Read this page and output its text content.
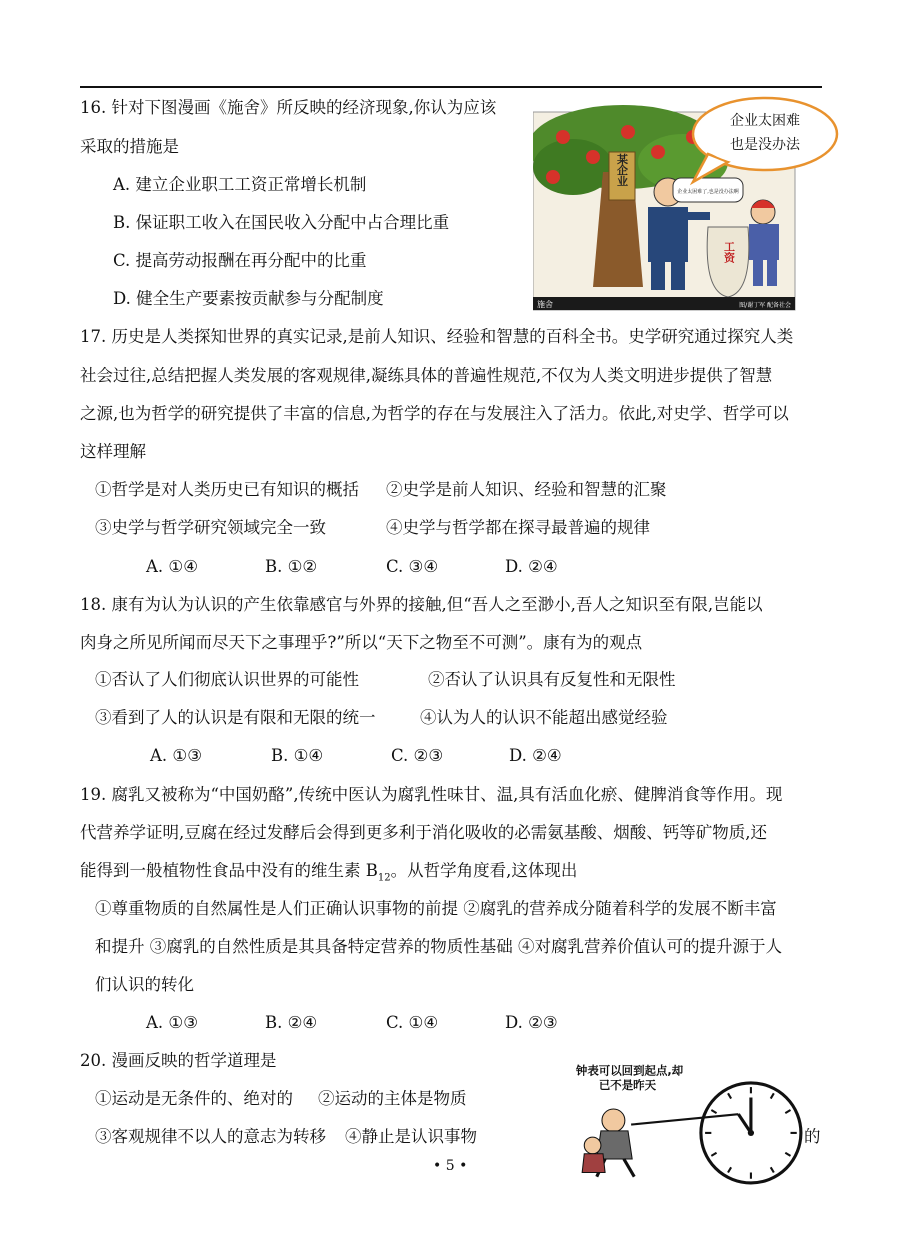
16. 针对下图漫画《施舍》所反映的经济现象,你认为应该
采取的措施是
A. 建立企业职工工资正常增长机制
B. 保证职工收入在国民收入分配中占合理比重
C. 提高劳动报酬在再分配中的比重
D. 健全生产要素按贡献参与分配制度
某企业
企业太困难了,也是没办法啊
工资
施舍	图/谢丁军 配备社会
企业太困难
也是没办法
17. 历史是人类探知世界的真实记录,是前人知识、经验和智慧的百科全书。史学研究通过探究人类
社会过往,总结把握人类发展的客观规律,凝练具体的普遍性规范,不仅为人类文明进步提供了智慧
之源,也为哲学的研究提供了丰富的信息,为哲学的存在与发展注入了活力。依此,对史学、哲学可以
这样理解
①哲学是对人类历史已有知识的概括 ②史学是前人知识、经验和智慧的汇聚
③史学与哲学研究领域完全一致	④史学与哲学都在探寻最普遍的规律
A. ①④	B. ①②	C. ③④	D. ②④
18. 康有为认为认识的产生依靠感官与外界的接触,但“吾人之至渺小,吾人之知识至有限,岂能以
肉身之所见所闻而尽天下之事理乎?”所以“天下之物至不可测”。康有为的观点
①否认了人们彻底认识世界的可能性	②否认了认识具有反复性和无限性
③看到了人的认识是有限和无限的统一	④认为人的认识不能超出感觉经验
A. ①③	B. ①④	C. ②③	D. ②④
19. 腐乳又被称为“中国奶酪”,传统中医认为腐乳性味甘、温,具有活血化瘀、健脾消食等作用。现
代营养学证明,豆腐在经过发酵后会得到更多利于消化吸收的必需氨基酸、烟酸、钙等矿物质,还
能得到一般植物性食品中没有的维生素 $B_{12}$。从哲学角度看,这体现出
①尊重物质的自然属性是人们正确认识事物的前提 ②腐乳的营养成分随着科学的发展不断丰富
和提升 ③腐乳的自然性质是其具备特定营养的物质性基础 ④对腐乳营养价值认可的提升源于人
们认识的转化
A. ①③	B. ②④	C. ①④	D. ②③
20. 漫画反映的哲学道理是
①运动是无条件的、绝对的 ②运动的主体是物质
③客观规律不以人的意志为转移 ④静止是认识事物	的
钟表可以回到起点,却
已不是昨天
• 5 •
